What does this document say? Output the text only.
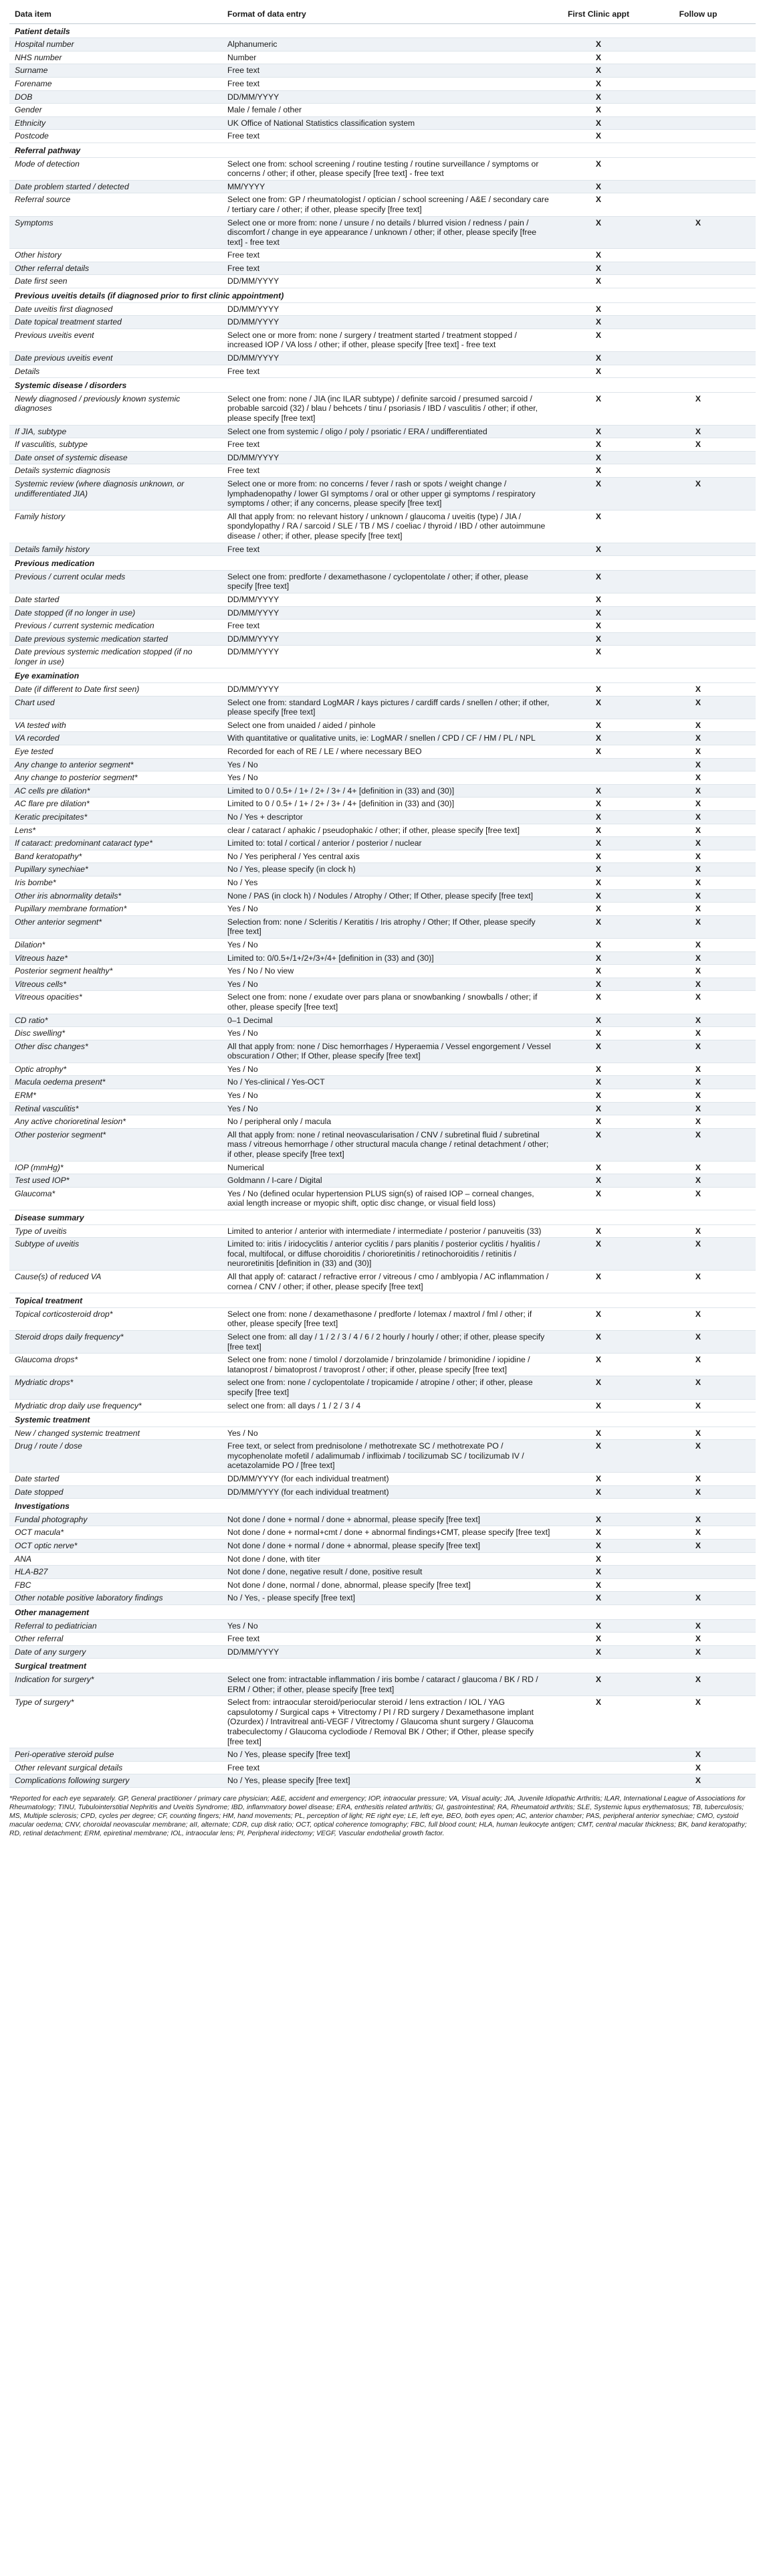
Data item	Format of data entry	First Clinic appt	Follow up
Patient details			
Hospital number	Alphanumeric	X	
NHS number	Number	X	
Surname	Free text	X	
Forename	Free text	X	
DOB	DD/MM/YYYY	X	
Gender	Male / female / other	X	
Ethnicity	UK Office of National Statistics classification system	X	
Postcode	Free text	X	
Referral pathway			
Mode of detection	Select one from: school screening / routine testing / routine surveillance / symptoms or concerns / other; if other, please specify [free text] - free text	X	
Date problem started / detected	MM/YYYY	X	
Referral source	Select one from: GP / rheumatologist / optician / school screening / A&E / secondary care / tertiary care / other; if other, please specify [free text]	X	
Symptoms	Select one or more from: none / unsure / no details / blurred vision / redness / pain / discomfort / change in eye appearance / unknown / other; if other, please specify [free text] - free text	X	X
Other history	Free text	X	
Other referral details	Free text	X	
Date first seen	DD/MM/YYYY	X	
Previous uveitis details (if diagnosed prior to first clinic appointment)			
Date uveitis first diagnosed	DD/MM/YYYY	X	
Date topical treatment started	DD/MM/YYYY	X	
Previous uveitis event	Select one or more from: none / surgery / treatment started / treatment stopped / increased IOP / VA loss / other; if other, please specify [free text] - free text	X	
Date previous uveitis event	DD/MM/YYYY	X	
Details	Free text	X	
Systemic disease / disorders			
Newly diagnosed / previously known systemic diagnoses	Select one from: none / JIA (inc ILAR subtype) / definite sarcoid / presumed sarcoid / probable sarcoid (32) / blau / behcets / tinu / psoriasis / IBD / vasculitis / other; if other, please specify [free text]	X	X
If JIA, subtype	Select one from systemic / oligo / poly / psoriatic / ERA / undifferentiated	X	X
If vasculitis, subtype	Free text	X	X
Date onset of systemic disease	DD/MM/YYYY	X	
Details systemic diagnosis	Free text	X	
Systemic review (where diagnosis unknown, or undifferentiated JIA)	Select one or more from: no concerns / fever / rash or spots / weight change / lymphadenopathy / lower GI symptoms / oral or other upper gi symptoms / respiratory symptoms / other; if any concerns, please specify [free text]	X	X
Family history	All that apply from: no relevant history / unknown / glaucoma / uveitis (type) / JIA / spondylopathy / RA / sarcoid / SLE / TB / MS / coeliac / thyroid / IBD / other autoimmune disease / other; if other, please specify [free text]	X	
Details family history	Free text	X	
Previous medication			
Previous / current ocular meds	Select one from: predforte / dexamethasone / cyclopentolate / other; if other, please specify [free text]	X	
Date started	DD/MM/YYYY	X	
Date stopped (if no longer in use)	DD/MM/YYYY	X	
Previous / current systemic medication	Free text	X	
Date previous systemic medication started	DD/MM/YYYY	X	
Date previous systemic medication stopped (if no longer in use)	DD/MM/YYYY	X	
Eye examination			
Date (if different to Date first seen)	DD/MM/YYYY	X	X
Chart used	Select one from: standard LogMAR / kays pictures / cardiff cards / snellen / other; if other, please specify [free text]	X	X
VA tested with	Select one from unaided / aided / pinhole	X	X
VA recorded	With quantitative or qualitative units, ie: LogMAR / snellen / CPD / CF / HM / PL / NPL	X	X
Eye tested	Recorded for each of RE / LE / where necessary BEO	X	X
Any change to anterior segment*	Yes / No		X
Any change to posterior segment*	Yes / No		X
AC cells pre dilation*	Limited to 0 / 0.5+ / 1+ / 2+ / 3+ / 4+ [definition in (33) and (30)]	X	X
AC flare pre dilation*	Limited to 0 / 0.5+ / 1+ / 2+ / 3+ / 4+ [definition in (33) and (30)]	X	X
Keratic precipitates*	No / Yes + descriptor	X	X
Lens*	clear / cataract / aphakic / pseudophakic / other; if other, please specify [free text]	X	X
If cataract: predominant cataract type*	Limited to: total / cortical / anterior / posterior / nuclear	X	X
Band keratopathy*	No / Yes peripheral / Yes central axis	X	X
Pupillary synechiae*	No / Yes, please specify (in clock h)	X	X
Iris bombe*	No / Yes	X	X
Other iris abnormality details*	None / PAS (in clock h) / Nodules / Atrophy / Other; If Other, please specify [free text]	X	X
Pupillary membrane formation*	Yes / No	X	X
Other anterior segment*	Selection from: none / Scleritis / Keratitis / Iris atrophy / Other; If Other, please specify [free text]	X	X
Dilation*	Yes / No	X	X
Vitreous haze*	Limited to: 0/0.5+/1+/2+/3+/4+ [definition in (33) and (30)]	X	X
Posterior segment healthy*	Yes / No / No view	X	X
Vitreous cells*	Yes / No	X	X
Vitreous opacities*	Select one from: none / exudate over pars plana or snowbanking / snowballs / other; if other, please specify [free text]	X	X
CD ratio*	0–1 Decimal	X	X
Disc swelling*	Yes / No	X	X
Other disc changes*	All that apply from: none / Disc hemorrhages / Hyperaemia / Vessel engorgement / Vessel obscuration / Other; If Other, please specify [free text]	X	X
Optic atrophy*	Yes / No	X	X
Macula oedema present*	No / Yes-clinical / Yes-OCT	X	X
ERM*	Yes / No	X	X
Retinal vasculitis*	Yes / No	X	X
Any active chorioretinal lesion*	No / peripheral only / macula	X	X
Other posterior segment*	All that apply from: none / retinal neovascularisation / CNV / subretinal fluid / subretinal mass / vitreous hemorrhage / other structural macula change / retinal detachment / other; if other, please specify [free text]	X	X
IOP (mmHg)*	Numerical	X	X
Test used IOP*	Goldmann / I-care / Digital	X	X
Glaucoma*	Yes / No (defined ocular hypertension PLUS sign(s) of raised IOP – corneal changes, axial length increase or myopic shift, optic disc change, or visual field loss)	X	X
Disease summary			
Type of uveitis	Limited to anterior / anterior with intermediate / intermediate / posterior / panuveitis (33)	X	X
Subtype of uveitis	Limited to: iritis / iridocyclitis / anterior cyclitis / pars planitis / posterior cyclitis / hyalitis / focal, multifocal, or diffuse choroiditis / chorioretinitis / retinochoroiditis / retinitis / neuroretinitis [definition in (33) and (30)]	X	X
Cause(s) of reduced VA	All that apply of: cataract / refractive error / vitreous / cmo / amblyopia / AC inflammation / cornea / CNV / other; if other, please specify [free text]	X	X
Topical treatment			
Topical corticosteroid drop*	Select one from: none / dexamethasone / predforte / lotemax / maxtrol / fml / other; if other, please specify [free text]	X	X
Steroid drops daily frequency*	Select one from: all day / 1 / 2 / 3 / 4 / 6 / 2 hourly / hourly / other; if other, please specify [free text]	X	X
Glaucoma drops*	Select one from: none / timolol / dorzolamide / brinzolamide / brimonidine / iopidine / latanoprost / bimatoprost / travoprost / other; if other, please specify [free text]	X	X
Mydriatic drops*	select one from: none / cyclopentolate / tropicamide / atropine / other; if other, please specify [free text]	X	X
Mydriatic drop daily use frequency*	select one from: all days / 1 / 2 / 3 / 4	X	X
Systemic treatment			
New / changed systemic treatment	Yes / No	X	X
Drug / route / dose	Free text, or select from prednisolone / methotrexate SC / methotrexate PO / mycophenolate mofetil / adalimumab / infliximab / tocilizumab SC / tocilizumab IV / acetazolamide PO / [free text]	X	X
Date started	DD/MM/YYYY (for each individual treatment)	X	X
Date stopped	DD/MM/YYYY (for each individual treatment)	X	X
Investigations			
Fundal photography	Not done / done + normal / done + abnormal, please specify [free text]	X	X
OCT macula*	Not done / done + normal+cmt / done + abnormal findings+CMT, please specify [free text]	X	X
OCT optic nerve*	Not done / done + normal / done + abnormal, please specify [free text]	X	X
ANA	Not done / done, with titer	X	
HLA-B27	Not done / done, negative result / done, positive result	X	
FBC	Not done / done, normal / done, abnormal, please specify [free text]	X	
Other notable positive laboratory findings	No / Yes, - please specify [free text]	X	X
Other management			
Referral to pediatrician	Yes / No	X	X
Other referral	Free text	X	X
Date of any surgery	DD/MM/YYYY	X	X
Surgical treatment			
Indication for surgery*	Select one from: intractable inflammation / iris bombe / cataract / glaucoma / BK / RD / ERM / Other; if other, please specify [free text]	X	X
Type of surgery*	Select from: intraocular steroid/periocular steroid / lens extraction / IOL / YAG capsulotomy / Surgical caps + Vitrectomy / PI / RD surgery / Dexamethasone implant (Ozurdex) / Intravitreal anti-VEGF / Vitrectomy / Glaucoma shunt surgery / Glaucoma trabeculectomy / Glaucoma cyclodiode / Removal BK / Other; if Other, please specify [free text]	X	X
Peri-operative steroid pulse	No / Yes, please specify [free text]		X
Other relevant surgical details	Free text		X
Complications following surgery	No / Yes, please specify [free text]		X
*Reported for each eye separately. GP, General practitioner / primary care physician; A&E, accident and emergency; IOP, intraocular pressure; VA, Visual acuity; JIA, Juvenile Idiopathic Arthritis; ILAR, International League of Associations for Rheumatology; TINU, Tubulointerstitial Nephritis and Uveitis Syndrome; IBD, inflammatory bowel disease; ERA, enthesitis related arthritis; GI, gastrointestinal; RA, Rheumatoid arthritis; SLE, Systemic lupus erythematosus; TB, tuberculosis; MS, Multiple sclerosis; CPD, cycles per degree; CF, counting fingers; HM, hand movements; PL, perception of light; RE right eye; LE, left eye, BEO, both eyes open; AC, anterior chamber; PAS, peripheral anterior synechiae; CMO, cystoid macular oedema; CNV, choroidal neovascular membrane; aII, alternate; CDR, cup disk ratio; OCT, optical coherence tomography; FBC, full blood count; HLA, human leukocyte antigen; CMT, central macular thickness; BK, band keratopathy; RD, retinal detachment; ERM, epiretinal membrane; IOL, intraocular lens; PI, Peripheral iridectomy; VEGF, Vascular endothelial growth factor.
